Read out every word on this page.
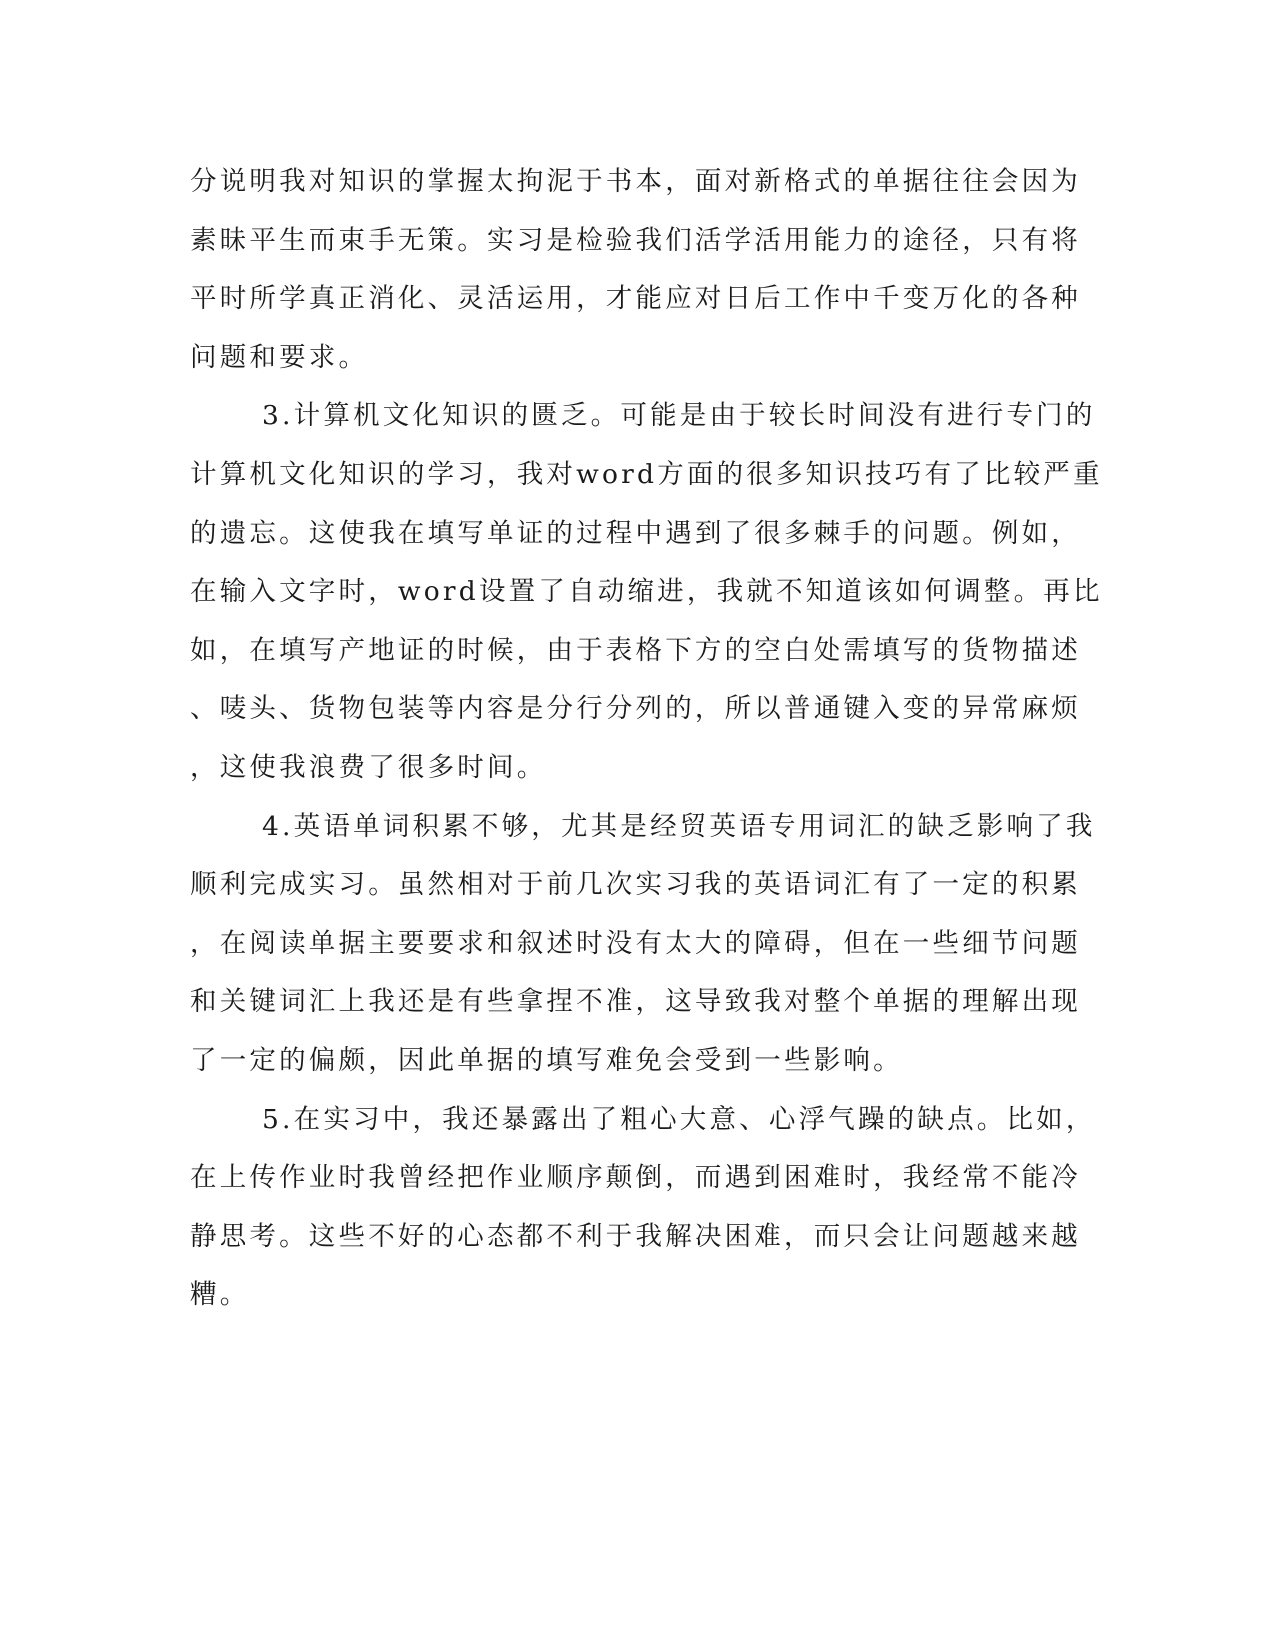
分说明我对知识的掌握太拘泥于书本，面对新格式的单据往往会因为
素昧平生而束手无策。实习是检验我们活学活用能力的途径，只有将
平时所学真正消化、灵活运用，才能应对日后工作中千变万化的各种
问题和要求。
3.计算机文化知识的匮乏。可能是由于较长时间没有进行专门的
计算机文化知识的学习，我对word方面的很多知识技巧有了比较严重
的遗忘。这使我在填写单证的过程中遇到了很多棘手的问题。例如，
在输入文字时，word设置了自动缩进，我就不知道该如何调整。再比
如，在填写产地证的时候，由于表格下方的空白处需填写的货物描述
、唛头、货物包装等内容是分行分列的，所以普通键入变的异常麻烦
，这使我浪费了很多时间。
4.英语单词积累不够，尤其是经贸英语专用词汇的缺乏影响了我
顺利完成实习。虽然相对于前几次实习我的英语词汇有了一定的积累
，在阅读单据主要要求和叙述时没有太大的障碍，但在一些细节问题
和关键词汇上我还是有些拿捏不准，这导致我对整个单据的理解出现
了一定的偏颇，因此单据的填写难免会受到一些影响。
5.在实习中，我还暴露出了粗心大意、心浮气躁的缺点。比如，
在上传作业时我曾经把作业顺序颠倒，而遇到困难时，我经常不能冷
静思考。这些不好的心态都不利于我解决困难，而只会让问题越来越
糟。
